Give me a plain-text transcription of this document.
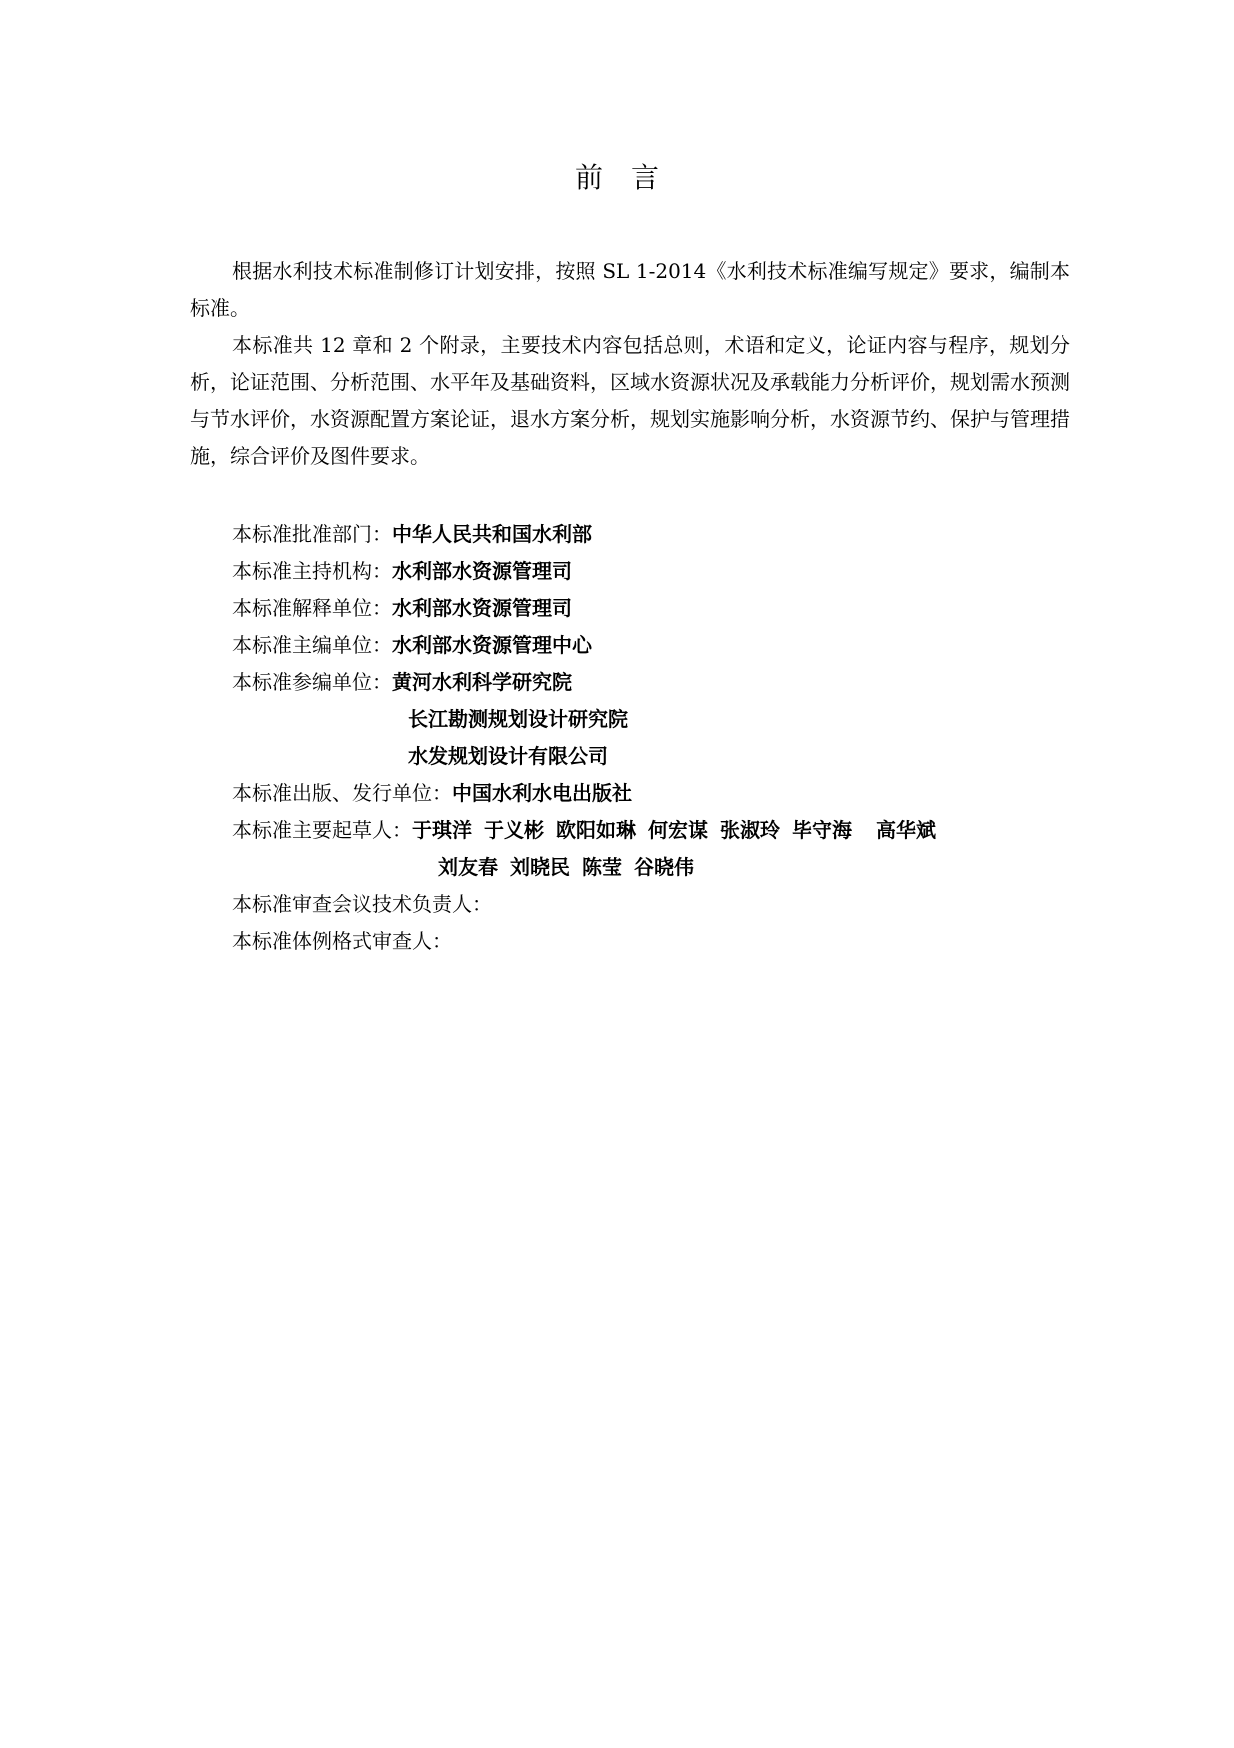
前言

根据水利技术标准制修订计划安排，按照 SL 1-2014《水利技术标准编写规定》要求，编制本标准。

本标准共 12 章和 2 个附录，主要技术内容包括总则，术语和定义，论证内容与程序，规划分析，论证范围、分析范围、水平年及基础资料，区域水资源状况及承载能力分析评价，规划需水预测与节水评价，水资源配置方案论证，退水方案分析，规划实施影响分析，水资源节约、保护与管理措施，综合评价及图件要求。

本标准批准部门：中华人民共和国水利部
本标准主持机构：水利部水资源管理司
本标准解释单位：水利部水资源管理司
本标准主编单位：水利部水资源管理中心
本标准参编单位：黄河水利科学研究院
长江勘测规划设计研究院
水发规划设计有限公司
本标准出版、发行单位：中国水利水电出版社
本标准主要起草人：于琪洋 于义彬 欧阳如琳 何宏谋 张淑玲 毕守海 高华斌
刘友春 刘晓民 陈莹 谷晓伟
本标准审查会议技术负责人：
本标准体例格式审查人：
